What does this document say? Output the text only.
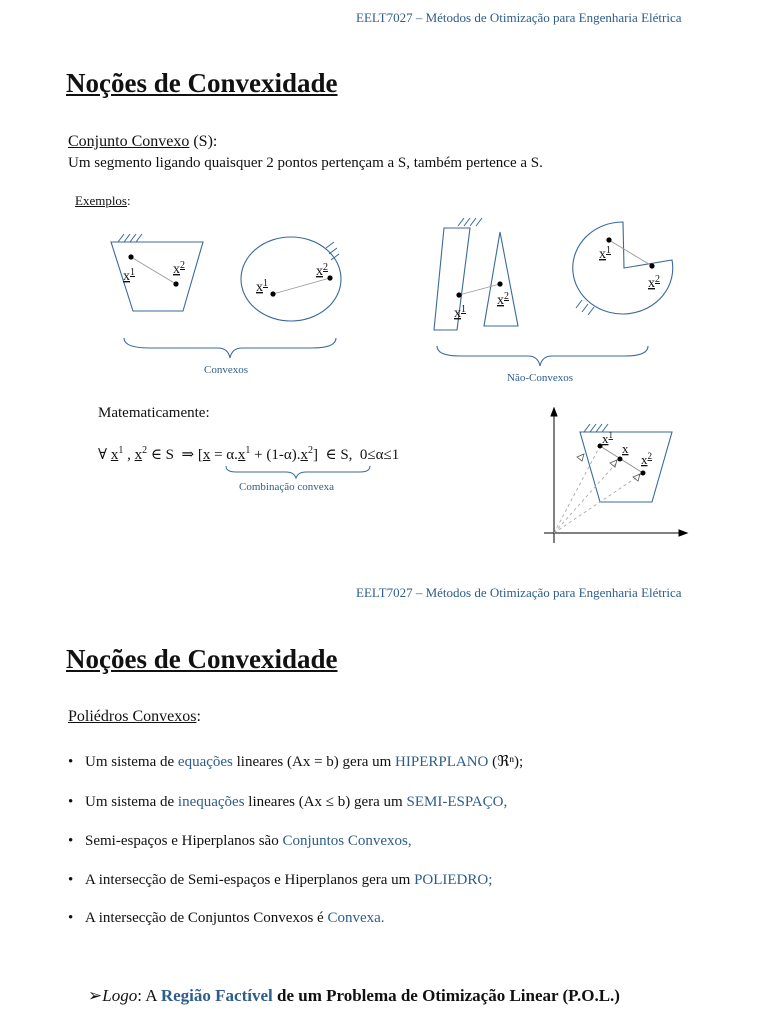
EELT7027 – Métodos de Otimização para Engenharia Elétrica
Noções de Convexidade
Conjunto Convexo (S):
Um segmento ligando quaisquer 2 pontos pertençam a S, também pertence a S.
Exemplos:
$x^1$	$x^2$
$x^1$
$x^2$
$x^1$
$x^2$
$x^1$
$x^2$
Convexos
Não-Convexos
Matematicamente:
∀ $x^1$ , $x^2$ ∈ S  ⇒ $[x = \alpha.x^1 + (1-\alpha).x^2]$  ∈ S,  0≤α≤1
Combinação convexa
$x^1$
x
$x^2$
EELT7027 – Métodos de Otimização para Engenharia Elétrica
Noções de Convexidade
Poliédros Convexos:
• Um sistema de equações lineares (Ax = b) gera um HIPERPLANO (ℜⁿ);
• Um sistema de inequações lineares (Ax ≤ b) gera um SEMI-ESPAÇO,
• Semi-espaços e Hiperplanos são Conjuntos Convexos,
• A intersecção de Semi-espaços e Hiperplanos gera um POLIEDRO;
• A intersecção de Conjuntos Convexos é Convexa.
➢Logo: A Região Factível de um Problema de Otimização Linear (P.O.L.)
